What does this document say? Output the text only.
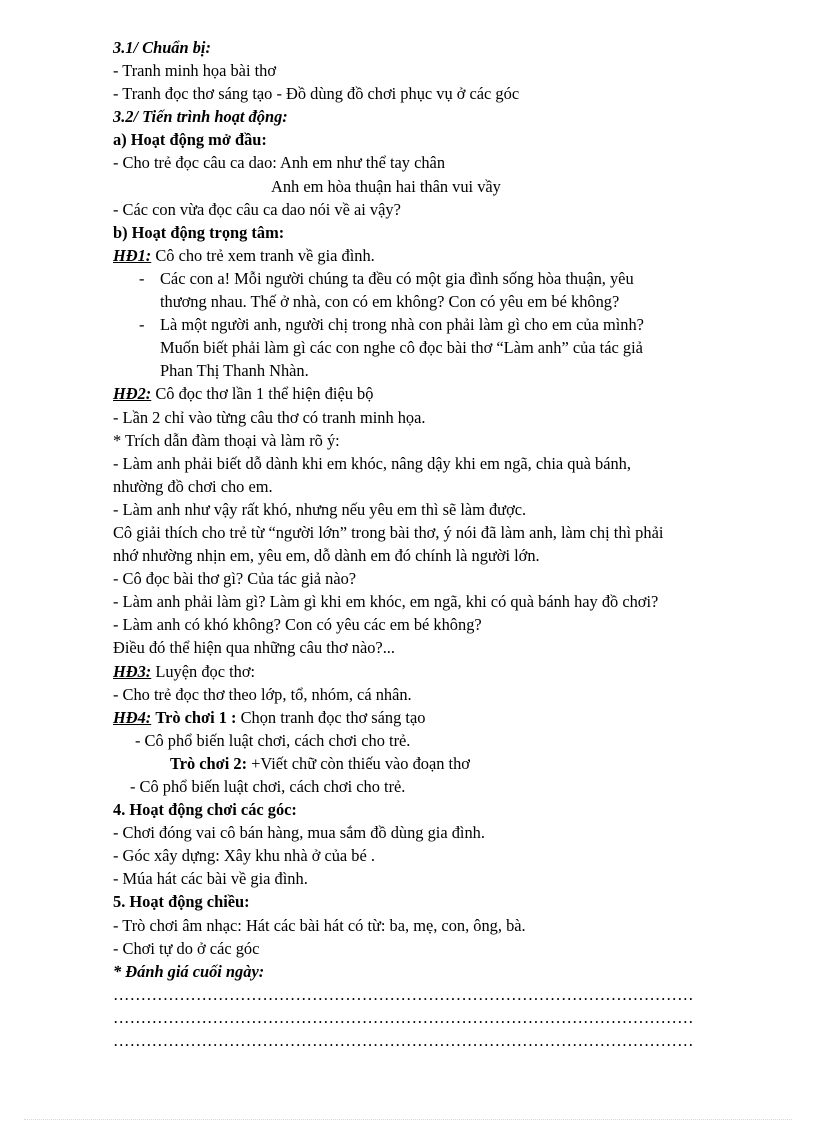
3.1/ Chuẩn bị:

- Tranh minh họa bài thơ

- Tranh đọc thơ sáng tạo - Đồ dùng đồ chơi phục vụ ở các góc

3.2/ Tiến trình hoạt động:

a) Hoạt động mở đầu:

- Cho trẻ đọc câu ca dao: Anh em như thể tay chân

Anh em hòa thuận hai thân vui vầy

- Các con vừa đọc câu ca dao nói về ai vậy?

b) Hoạt động trọng tâm:

HĐ1: Cô cho trẻ xem tranh về gia đình.

- Các con a! Mỗi người chúng ta đều có một gia đình sống hòa thuận, yêu

thương nhau. Thế ở nhà, con có em không? Con có yêu em bé không?

- Là một người anh, người chị trong nhà con phải làm gì cho em của mình?

Muốn biết phải làm gì các con nghe cô đọc bài thơ “Làm anh” của tác giả

Phan Thị Thanh Nhàn.

HĐ2: Cô đọc thơ lần 1 thể hiện điệu bộ

- Lần 2 chỉ vào từng câu thơ có tranh minh họa.

* Trích dẫn đàm thoại và làm rõ ý:

- Làm anh phải biết dỗ dành khi em khóc, nâng dậy khi em ngã, chia quà bánh,

nhường đồ chơi cho em.

- Làm anh như vậy rất khó, nhưng nếu yêu em thì sẽ làm được.

Cô giải thích cho trẻ từ “người lớn” trong bài thơ, ý nói đã làm anh, làm chị thì phải

nhớ nhường nhịn em, yêu em, dỗ dành em đó chính là người lớn.

- Cô đọc bài thơ gì? Của tác giả nào?

- Làm anh phải làm gì? Làm gì khi em khóc, em ngã, khi có quà bánh hay đồ chơi?

- Làm anh có khó không? Con có yêu các em bé không?

Điều đó thể hiện qua những câu thơ nào?...

HĐ3: Luyện đọc thơ:

- Cho trẻ đọc thơ theo lớp, tổ, nhóm, cá nhân.

HĐ4: Trò chơi 1 : Chọn tranh đọc thơ sáng tạo

- Cô phổ biến luật chơi, cách chơi cho trẻ.

Trò chơi 2: +Viết chữ còn thiếu vào đoạn thơ

- Cô phổ biến luật chơi, cách chơi cho trẻ.

4. Hoạt động chơi các góc:

- Chơi đóng vai cô bán hàng, mua sắm đồ dùng gia đình.

- Góc xây dựng: Xây khu nhà ở của bé .

- Múa hát các bài về gia đình.

5. Hoạt động chiều:

- Trò chơi âm nhạc: Hát các bài hát có từ: ba, mẹ, con, ông, bà.

- Chơi tự do ở các góc

* Đánh giá cuối ngày:

……………………………………………………………………………………………

……………………………………………………………………………………………

……………………………………………………………………………………………
